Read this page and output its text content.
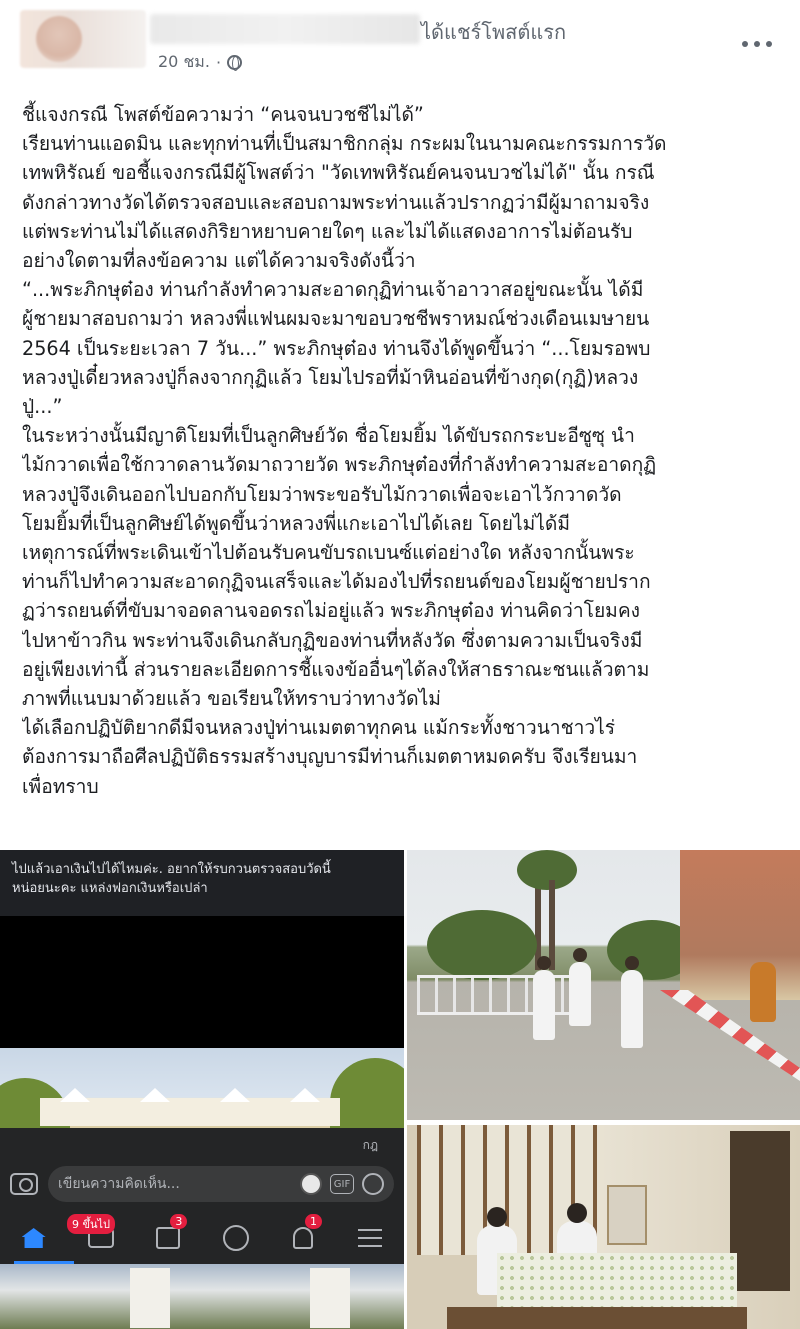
ได้แชร์โพสต์แรก
20 ชม. ·

ชี้แจงกรณี โพสต์ข้อความว่า “คนจนบวชชีไม่ได้”

เรียนท่านแอดมิน และทุกท่านที่เป็นสมาชิกกลุ่ม กระผมในนามคณะกรรมการวัด

เทพหิรัณย์ ขอชี้แจงกรณีมีผู้โพสต์ว่า "วัดเทพหิรัณย์คนจนบวชไม่ได้" นั้น กรณี

ดังกล่าวทางวัดได้ตรวจสอบและสอบถามพระท่านแล้วปรากฏว่ามีผู้มาถามจริง

แต่พระท่านไม่ได้แสดงกิริยาหยาบคายใดๆ และไม่ได้แสดงอาการไม่ต้อนรับ

อย่างใดตามที่ลงข้อความ แต่ได้ความจริงดังนี้ว่า

“...พระภิกษุต๋อง ท่านกำลังทำความสะอาดกุฏิท่านเจ้าอาวาสอยู่ขณะนั้น ได้มี

ผู้ชายมาสอบถามว่า หลวงพี่แฟนผมจะมาขอบวชชีพราหมณ์ช่วงเดือนเมษายน

2564 เป็นระยะเวลา 7 วัน...” พระภิกษุต๋อง ท่านจึงได้พูดขึ้นว่า “...โยมรอพบ

หลวงปู่เดี๋ยวหลวงปู่ก็ลงจากกุฏิแล้ว โยมไปรอที่ม้าหินอ่อนที่ข้างกุด(กุฏิ)หลวง

ปู่...”

ในระหว่างนั้นมีญาติโยมที่เป็นลูกศิษย์วัด ชื่อโยมยิ้ม ได้ขับรถกระบะอีซูซุ นำ

ไม้กวาดเพื่อใช้กวาดลานวัดมาถวายวัด พระภิกษุต๋องที่กำลังทำความสะอาดกุฏิ

หลวงปู่จึงเดินออกไปบอกกับโยมว่าพระขอรับไม้กวาดเพื่อจะเอาไว้กวาดวัด

โยมยิ้มที่เป็นลูกศิษย์ได้พูดขึ้นว่าหลวงพี่แกะเอาไปได้เลย โดยไม่ได้มี

เหตุการณ์ที่พระเดินเข้าไปต้อนรับคนขับรถเบนซ์แต่อย่างใด หลังจากนั้นพระ

ท่านก็ไปทำความสะอาดกุฏิจนเสร็จและได้มองไปที่รถยนต์ของโยมผู้ชายปราก

ฏว่ารถยนต์ที่ขับมาจอดลานจอดรถไม่อยู่แล้ว พระภิกษุต๋อง ท่านคิดว่าโยมคง

ไปหาข้าวกิน พระท่านจึงเดินกลับกุฏิของท่านที่หลังวัด ซึ่งตามความเป็นจริงมี

อยู่เพียงเท่านี้ ส่วนรายละเอียดการชี้แจงข้ออื่นๆได้ลงให้สาธราณะชนแล้วตาม

ภาพที่แนบมาด้วยแล้ว ขอเรียนให้ทราบว่าทางวัดไม่

ได้เลือกปฏิบัติยากดีมีจนหลวงปู่ท่านเมตตาทุกคน แม้กระทั้งชาวนาชาวไร่

ต้องการมาถือศีลปฏิบัติธรรมสร้างบุญบารมีท่านก็เมตตาหมดครับ จึงเรียนมา

เพื่อทราบ

ไปแล้วเอาเงินไปได้ไหมค่ะ. อยากให้รบกวนตรวจสอบวัดนี้
หน่อยนะคะ แหล่งฟอกเงินหรือเปล่า
กฎ
เขียนความคิดเห็น...	GIF
9 ขึ้นไป	3	1
